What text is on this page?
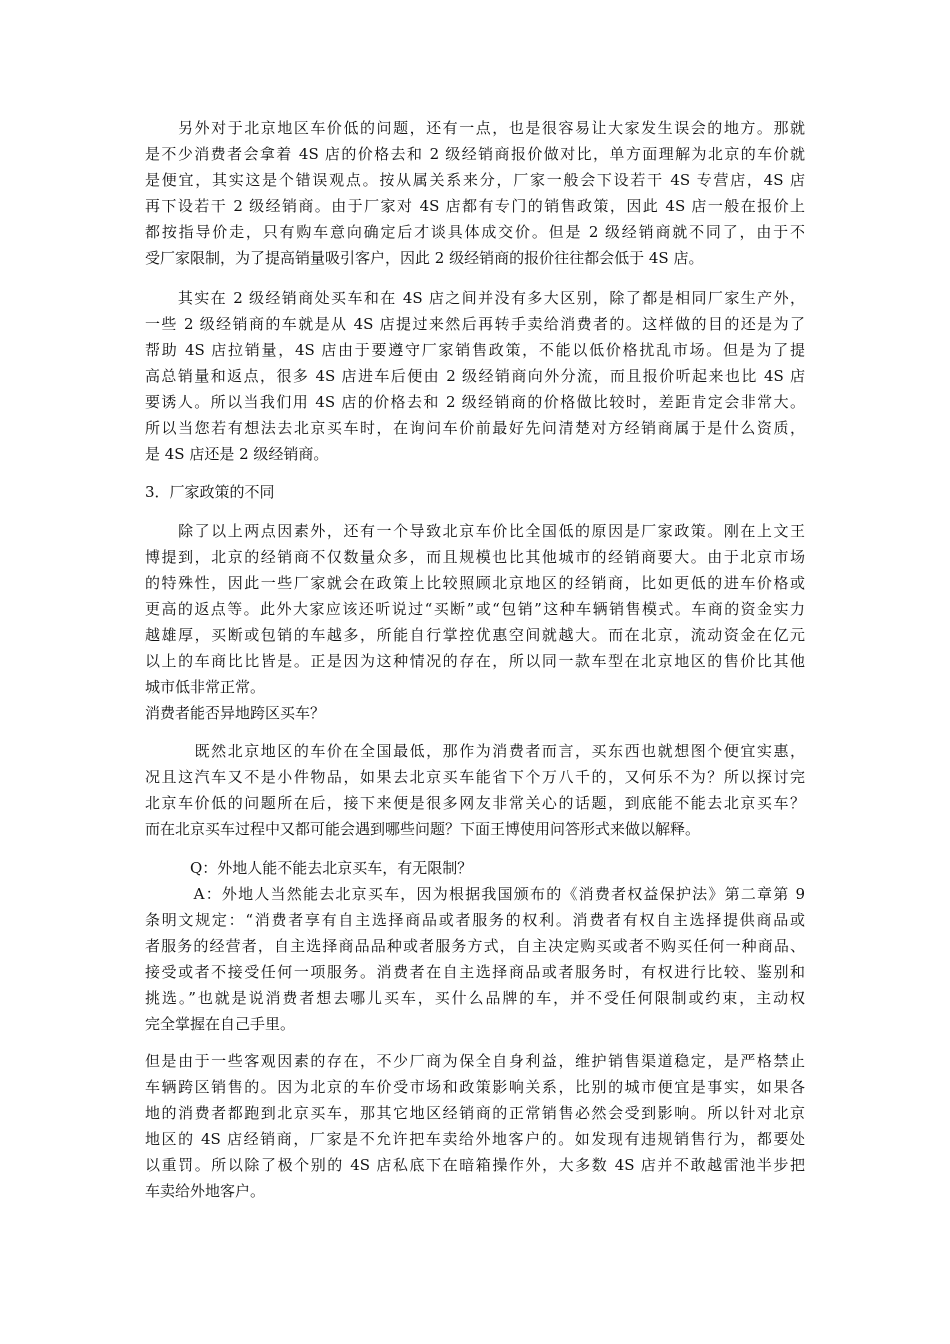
　　另外对于北京地区车价低的问题，还有一点，也是很容易让大家发生误会的地方。那就
是不少消费者会拿着 4S 店的价格去和 2 级经销商报价做对比，单方面理解为北京的车价就
是便宜，其实这是个错误观点。按从属关系来分，厂家一般会下设若干 4S 专营店，4S 店
再下设若干 2 级经销商。由于厂家对 4S 店都有专门的销售政策，因此 4S 店一般在报价上
都按指导价走，只有购车意向确定后才谈具体成交价。但是 2 级经销商就不同了，由于不
受厂家限制，为了提高销量吸引客户，因此 2 级经销商的报价往往都会低于 4S 店。

　　其实在 2 级经销商处买车和在 4S 店之间并没有多大区别，除了都是相同厂家生产外，
一些 2 级经销商的车就是从 4S 店提过来然后再转手卖给消费者的。这样做的目的还是为了
帮助 4S 店拉销量，4S 店由于要遵守厂家销售政策，不能以低价格扰乱市场。但是为了提
高总销量和返点，很多 4S 店进车后便由 2 级经销商向外分流，而且报价听起来也比 4S 店
要诱人。所以当我们用 4S 店的价格去和 2 级经销商的价格做比较时，差距肯定会非常大。
所以当您若有想法去北京买车时，在询问车价前最好先问清楚对方经销商属于是什么资质，
是 4S 店还是 2 级经销商。

3．厂家政策的不同

　　除了以上两点因素外，还有一个导致北京车价比全国低的原因是厂家政策。刚在上文王
博提到，北京的经销商不仅数量众多，而且规模也比其他城市的经销商要大。由于北京市场
的特殊性，因此一些厂家就会在政策上比较照顾北京地区的经销商，比如更低的进车价格或
更高的返点等。此外大家应该还听说过“买断”或“包销”这种车辆销售模式。车商的资金实力
越雄厚，买断或包销的车越多，所能自行掌控优惠空间就越大。而在北京，流动资金在亿元
以上的车商比比皆是。正是因为这种情况的存在，所以同一款车型在北京地区的售价比其他
城市低非常正常。
消费者能否异地跨区买车？

　　　既然北京地区的车价在全国最低，那作为消费者而言，买东西也就想图个便宜实惠，
况且这汽车又不是小件物品，如果去北京买车能省下个万八千的，又何乐不为？所以探讨完
北京车价低的问题所在后，接下来便是很多网友非常关心的话题，到底能不能去北京买车？
而在北京买车过程中又都可能会遇到哪些问题？下面王博使用问答形式来做以解释。

　　　Q：外地人能不能去北京买车，有无限制？
　　　A：外地人当然能去北京买车，因为根据我国颁布的《消费者权益保护法》第二章第 9
条明文规定：“消费者享有自主选择商品或者服务的权利。消费者有权自主选择提供商品或
者服务的经营者，自主选择商品品种或者服务方式，自主决定购买或者不购买任何一种商品、
接受或者不接受任何一项服务。消费者在自主选择商品或者服务时，有权进行比较、鉴别和
挑选。”也就是说消费者想去哪儿买车，买什么品牌的车，并不受任何限制或约束，主动权
完全掌握在自己手里。

但是由于一些客观因素的存在，不少厂商为保全自身利益，维护销售渠道稳定，是严格禁止
车辆跨区销售的。因为北京的车价受市场和政策影响关系，比别的城市便宜是事实，如果各
地的消费者都跑到北京买车，那其它地区经销商的正常销售必然会受到影响。所以针对北京
地区的 4S 店经销商，厂家是不允许把车卖给外地客户的。如发现有违规销售行为，都要处
以重罚。所以除了极个别的 4S 店私底下在暗箱操作外，大多数 4S 店并不敢越雷池半步把
车卖给外地客户。
